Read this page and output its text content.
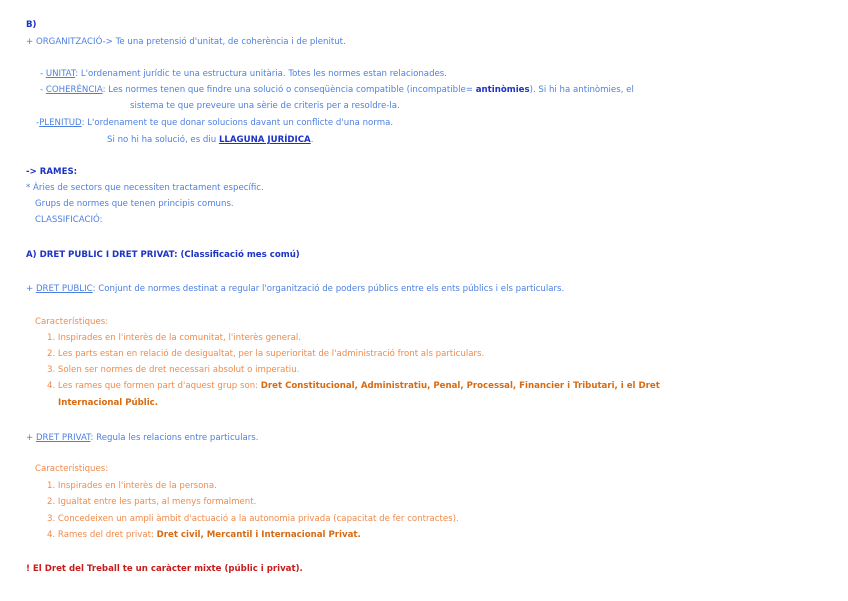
B)
+ ORGANITZACIÓ-> Te una pretensió d'unitat, de coherència i de plenitut.
- UNITAT: L'ordenament jurídic te una estructura unitària. Totes les normes estan relacionades.
- COHERÈNCIA: Les normes tenen que findre una solució o conseqüència compatible (incompatible= antinòmies). Si hi ha antinòmies, el
sistema te que preveure una sèrie de criteris per a resoldre-la.
-PLENITUD: L'ordenament te que donar solucions davant un conflicte d'una norma.
Si no hi ha solució, es diu LLAGUNA JURÍDICA.
-> RAMES:
* Àries de sectors que necessiten tractament específic.
Grups de normes que tenen principis comuns.
CLASSIFICACIÓ:
A) DRET PUBLIC I DRET PRIVAT: (Classificació mes comú)
+ DRET PUBLIC: Conjunt de normes destinat a regular l'organització de poders públics entre els ents públics i els particulars.
Característiques:
1. Inspirades en l'interès de la comunitat, l'interès general.
2. Les parts estan en relació de desigualtat, per la superioritat de l'administració front als particulars.
3. Solen ser normes de dret necessari absolut o imperatiu.
4. Les rames que formen part d'aquest grup son: Dret Constitucional, Administratiu, Penal, Processal, Financier i Tributari, i el Dret
Internacional Públic.
+ DRET PRIVAT: Regula les relacions entre particulars.
Característiques:
1. Inspirades en l'interès de la persona.
2. Igualtat entre les parts, al menys formalment.
3. Concedeixen un ampli àmbit d'actuació a la autonomia privada (capacitat de fer contractes).
4. Rames del dret privat: Dret civil, Mercantil i Internacional Privat.
! El Dret del Treball te un caràcter mixte (públic i privat).
